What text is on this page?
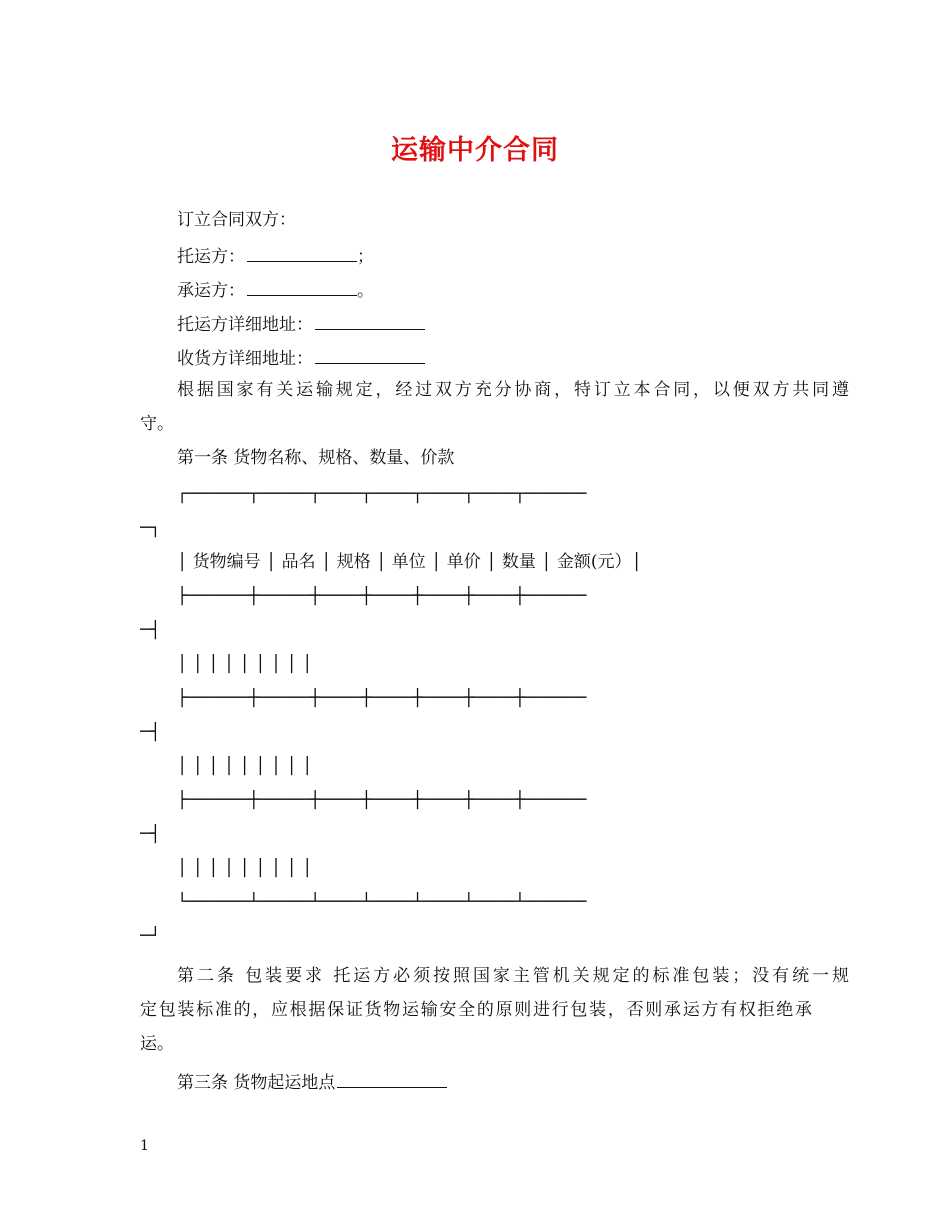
运输中介合同
订立合同双方：
托运方：	；
承运方：	。
托运方详细地址：
收货方详细地址：
根据国家有关运输规定，经过双方充分协商，特订立本合同，以便双方共同遵
守。
第一条 货物名称、规格、数量、价款
┌──────┬─────┬────┬────┬────┬────┬──────
─┐
│ 货物编号 │ 品名 │ 规格 │ 单位 │ 单价 │ 数量 │ 金额(元）│
├──────┼─────┼────┼────┼────┼────┼──────
─┤
│ │ │ │ │ │ │ │ │
├──────┼─────┼────┼────┼────┼────┼──────
─┤
│ │ │ │ │ │ │ │ │
├──────┼─────┼────┼────┼────┼────┼──────
─┤
│ │ │ │ │ │ │ │ │
└──────┴─────┴────┴────┴────┴────┴──────
─┘
第二条 包装要求 托运方必须按照国家主管机关规定的标准包装；没有统一规
定包装标准的，应根据保证货物运输安全的原则进行包装，否则承运方有权拒绝承
运。
第三条 货物起运地点
1
